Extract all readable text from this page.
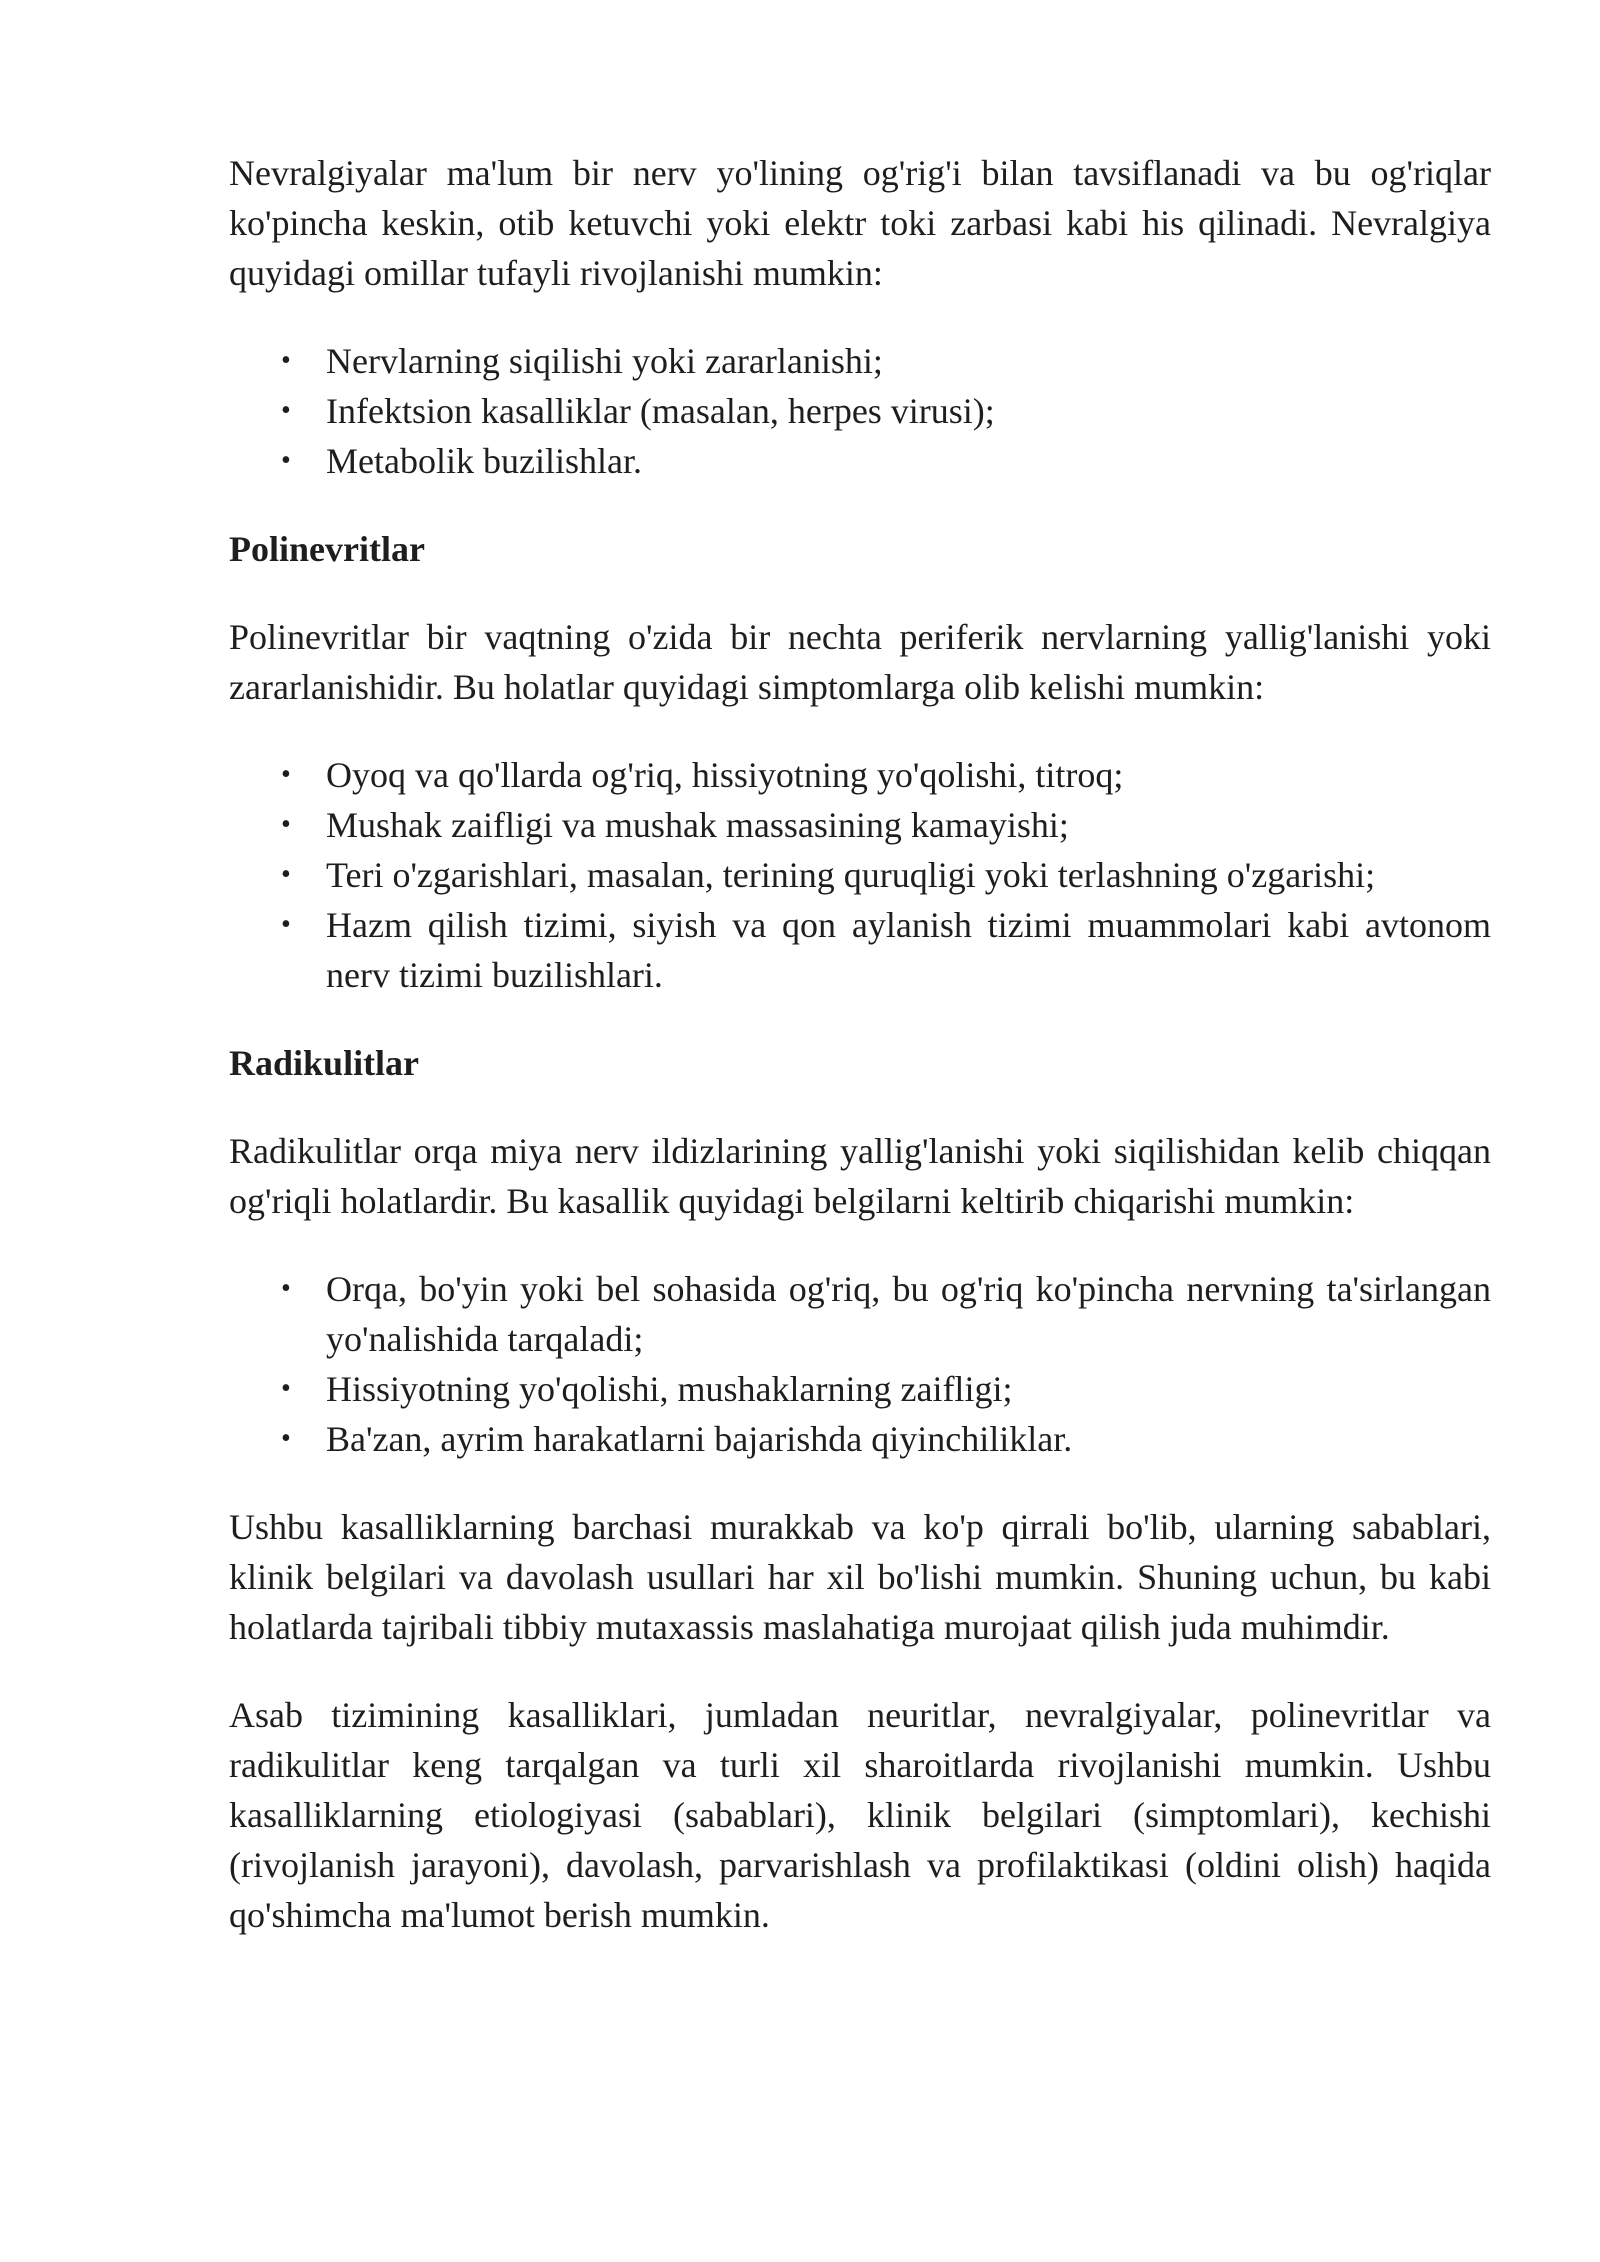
Nevralgiyalar ma'lum bir nerv yo'lining og'rig'i bilan tavsiflanadi va bu og'riqlar ko'pincha keskin, otib ketuvchi yoki elektr toki zarbasi kabi his qilinadi. Nevralgiya quyidagi omillar tufayli rivojlanishi mumkin:

• Nervlarning siqilishi yoki zararlanishi;
• Infektsion kasalliklar (masalan, herpes virusi);
• Metabolik buzilishlar.

Polinevritlar

Polinevritlar bir vaqtning o'zida bir nechta periferik nervlarning yallig'lanishi yoki zararlanishidir. Bu holatlar quyidagi simptomlarga olib kelishi mumkin:

• Oyoq va qo'llarda og'riq, hissiyotning yo'qolishi, titroq;
• Mushak zaifligi va mushak massasining kamayishi;
• Teri o'zgarishlari, masalan, terining quruqligi yoki terlashning o'zgarishi;
• Hazm qilish tizimi, siyish va qon aylanish tizimi muammolari kabi avtonom nerv tizimi buzilishlari.

Radikulitlar

Radikulitlar orqa miya nerv ildizlarining yallig'lanishi yoki siqilishidan kelib chiqqan og'riqli holatlardir. Bu kasallik quyidagi belgilarni keltirib chiqarishi mumkin:

• Orqa, bo'yin yoki bel sohasida og'riq, bu og'riq ko'pincha nervning ta'sirlangan yo'nalishida tarqaladi;
• Hissiyotning yo'qolishi, mushaklarning zaifligi;
• Ba'zan, ayrim harakatlarni bajarishda qiyinchiliklar.

Ushbu kasalliklarning barchasi murakkab va ko'p qirrali bo'lib, ularning sabablari, klinik belgilari va davolash usullari har xil bo'lishi mumkin. Shuning uchun, bu kabi holatlarda tajribali tibbiy mutaxassis maslahatiga murojaat qilish juda muhimdir.

Asab tizimining kasalliklari, jumladan neuritlar, nevralgiyalar, polinevritlar va radikulitlar keng tarqalgan va turli xil sharoitlarda rivojlanishi mumkin. Ushbu kasalliklarning etiologiyasi (sabablari), klinik belgilari (simptomlari), kechishi (rivojlanish jarayoni), davolash, parvarishlash va profilaktikasi (oldini olish) haqida qo'shimcha ma'lumot berish mumkin.
